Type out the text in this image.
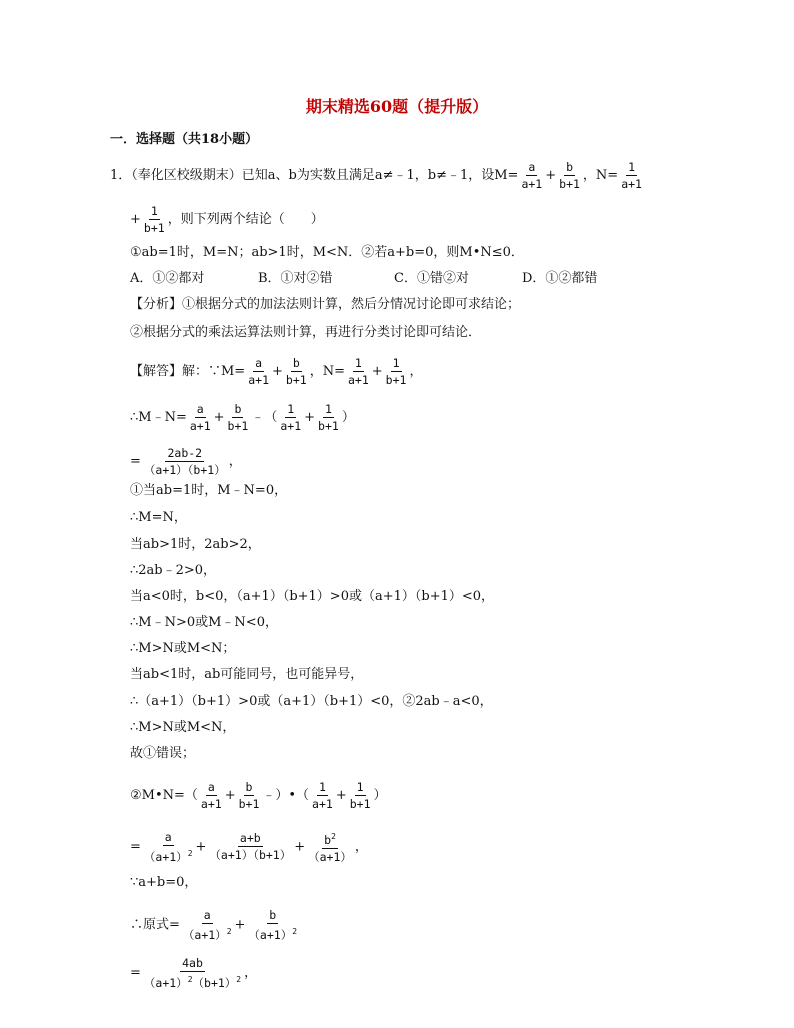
期末精选60题（提升版）
一．选择题（共18小题）
1．（奉化区校级期末）已知a、b为实数且满足a≠﹣1，b≠﹣1，设$M= \frac{a}{a+1} + \frac{b}{b+1}$ ，$N= \frac{1}{a+1}$
+ $\frac{1}{b+1}$ ，则下列两个结论（　　）
①ab=1时，M=N；ab>1时，M<N．②若a+b=0，则M•N≤0．
A．①②都对	B．①对②错	C．①错②对	D．①②都错
【分析】①根据分式的加法法则计算，然后分情况讨论即可求结论；
②根据分式的乘法运算法则计算，再进行分类讨论即可结论．
【解答】解：∵M= $\frac{a}{a+1} + \frac{b}{b+1}$ ，$N= \frac{1}{a+1} + \frac{1}{b+1}$ ，
∴M﹣N= $\frac{a}{a+1} + \frac{b}{b+1}$ ﹣（ $\frac{1}{a+1} + \frac{1}{b+1}$ ）
= $\frac{2ab-2}{(a+1)(b+1)}$ ，
①当ab=1时，M﹣N=0，
∴M=N，
当ab>1时，2ab>2，
∴2ab﹣2>0，
当a<0时，b<0，（a+1）（b+1）>0或（a+1）（b+1）<0，
∴M﹣N>0或M﹣N<0，
∴M>N或M<N；
当ab<1时，ab可能同号，也可能异号，
∴（a+1）（b+1）>0或（a+1）（b+1）<0，②2ab﹣a<0，
∴M>N或M<N，
故①错误；
②M•N=（ $\frac{a}{a+1} + \frac{b}{b+1}$ ﹣）•（ $\frac{1}{a+1} + \frac{1}{b+1}$ ）
= $\frac{a}{(a+1)^2} + \frac{a+b}{(a+1)(b+1)} + \frac{b^2}{(a+1)}$ ，
∵a+b=0，
∴原式= $\frac{a}{(a+1)^2} + \frac{b}{(a+1)^2}$
= $\frac{4ab}{(a+1)^2(b+1)^2}$ ，
